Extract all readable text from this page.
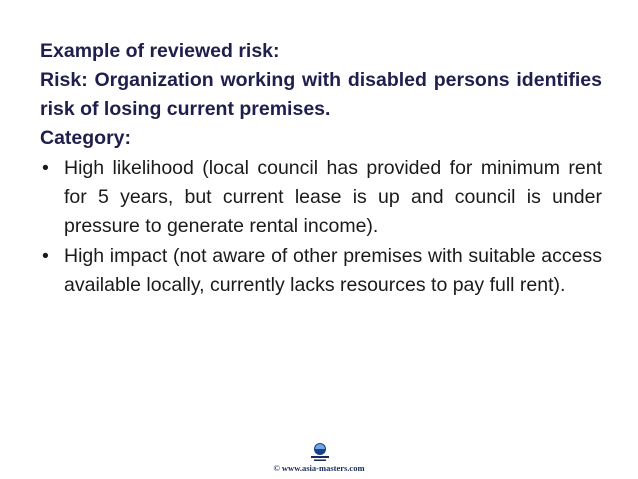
Example of reviewed risk:

Risk: Organization working with disabled persons identifies risk of losing current premises.

Category:

• High likelihood (local council has provided for minimum rent for 5 years, but current lease is up and council is under pressure to generate rental income).
• High impact (not aware of other premises with suitable access available locally, currently lacks resources to pay full rent).
© www.asia-masters.com
